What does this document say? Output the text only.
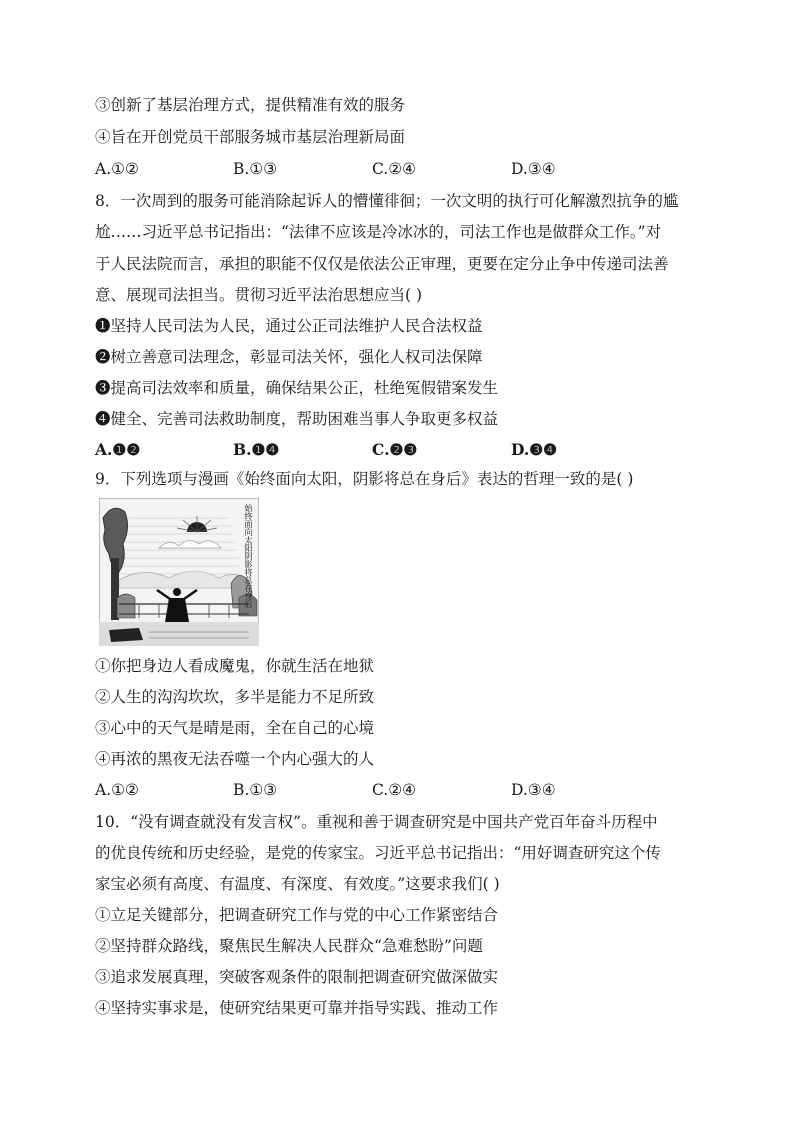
③创新了基层治理方式，提供精准有效的服务
④旨在开创党员干部服务城市基层治理新局面
A.①②	B.①③	C.②④	D.③④
8．一次周到的服务可能消除起诉人的懵懂徘徊；一次文明的执行可化解激烈抗争的尴
尬……习近平总书记指出：“法律不应该是冷冰冰的，司法工作也是做群众工作。”对
于人民法院而言，承担的职能不仅仅是依法公正审理，更要在定分止争中传递司法善
意、展现司法担当。贯彻习近平法治思想应当( )
❶坚持人民司法为人民，通过公正司法维护人民合法权益
❷树立善意司法理念，彰显司法关怀，强化人权司法保障
❸提高司法效率和质量，确保结果公正，杜绝冤假错案发生
❹健全、完善司法救助制度，帮助困难当事人争取更多权益
A.❶❷	B.❶❹	C.❷❸	D.❸❹
9．下列选项与漫画《始终面向太阳，阴影将总在身后》表达的哲理一致的是( )
始终面向太阳阴影将总在身后
①你把身边人看成魔鬼，你就生活在地狱
②人生的沟沟坎坎，多半是能力不足所致
③心中的天气是晴是雨，全在自己的心境
④再浓的黑夜无法吞噬一个内心强大的人
A.①②	B.①③	C.②④	D.③④
10．“没有调查就没有发言权”。重视和善于调查研究是中国共产党百年奋斗历程中
的优良传统和历史经验，是党的传家宝。习近平总书记指出：“用好调查研究这个传
家宝必须有高度、有温度、有深度、有效度。”这要求我们( )
①立足关键部分，把调查研究工作与党的中心工作紧密结合
②坚持群众路线，聚焦民生解决人民群众“急难愁盼”问题
③追求发展真理，突破客观条件的限制把调查研究做深做实
④坚持实事求是，使研究结果更可靠并指导实践、推动工作
